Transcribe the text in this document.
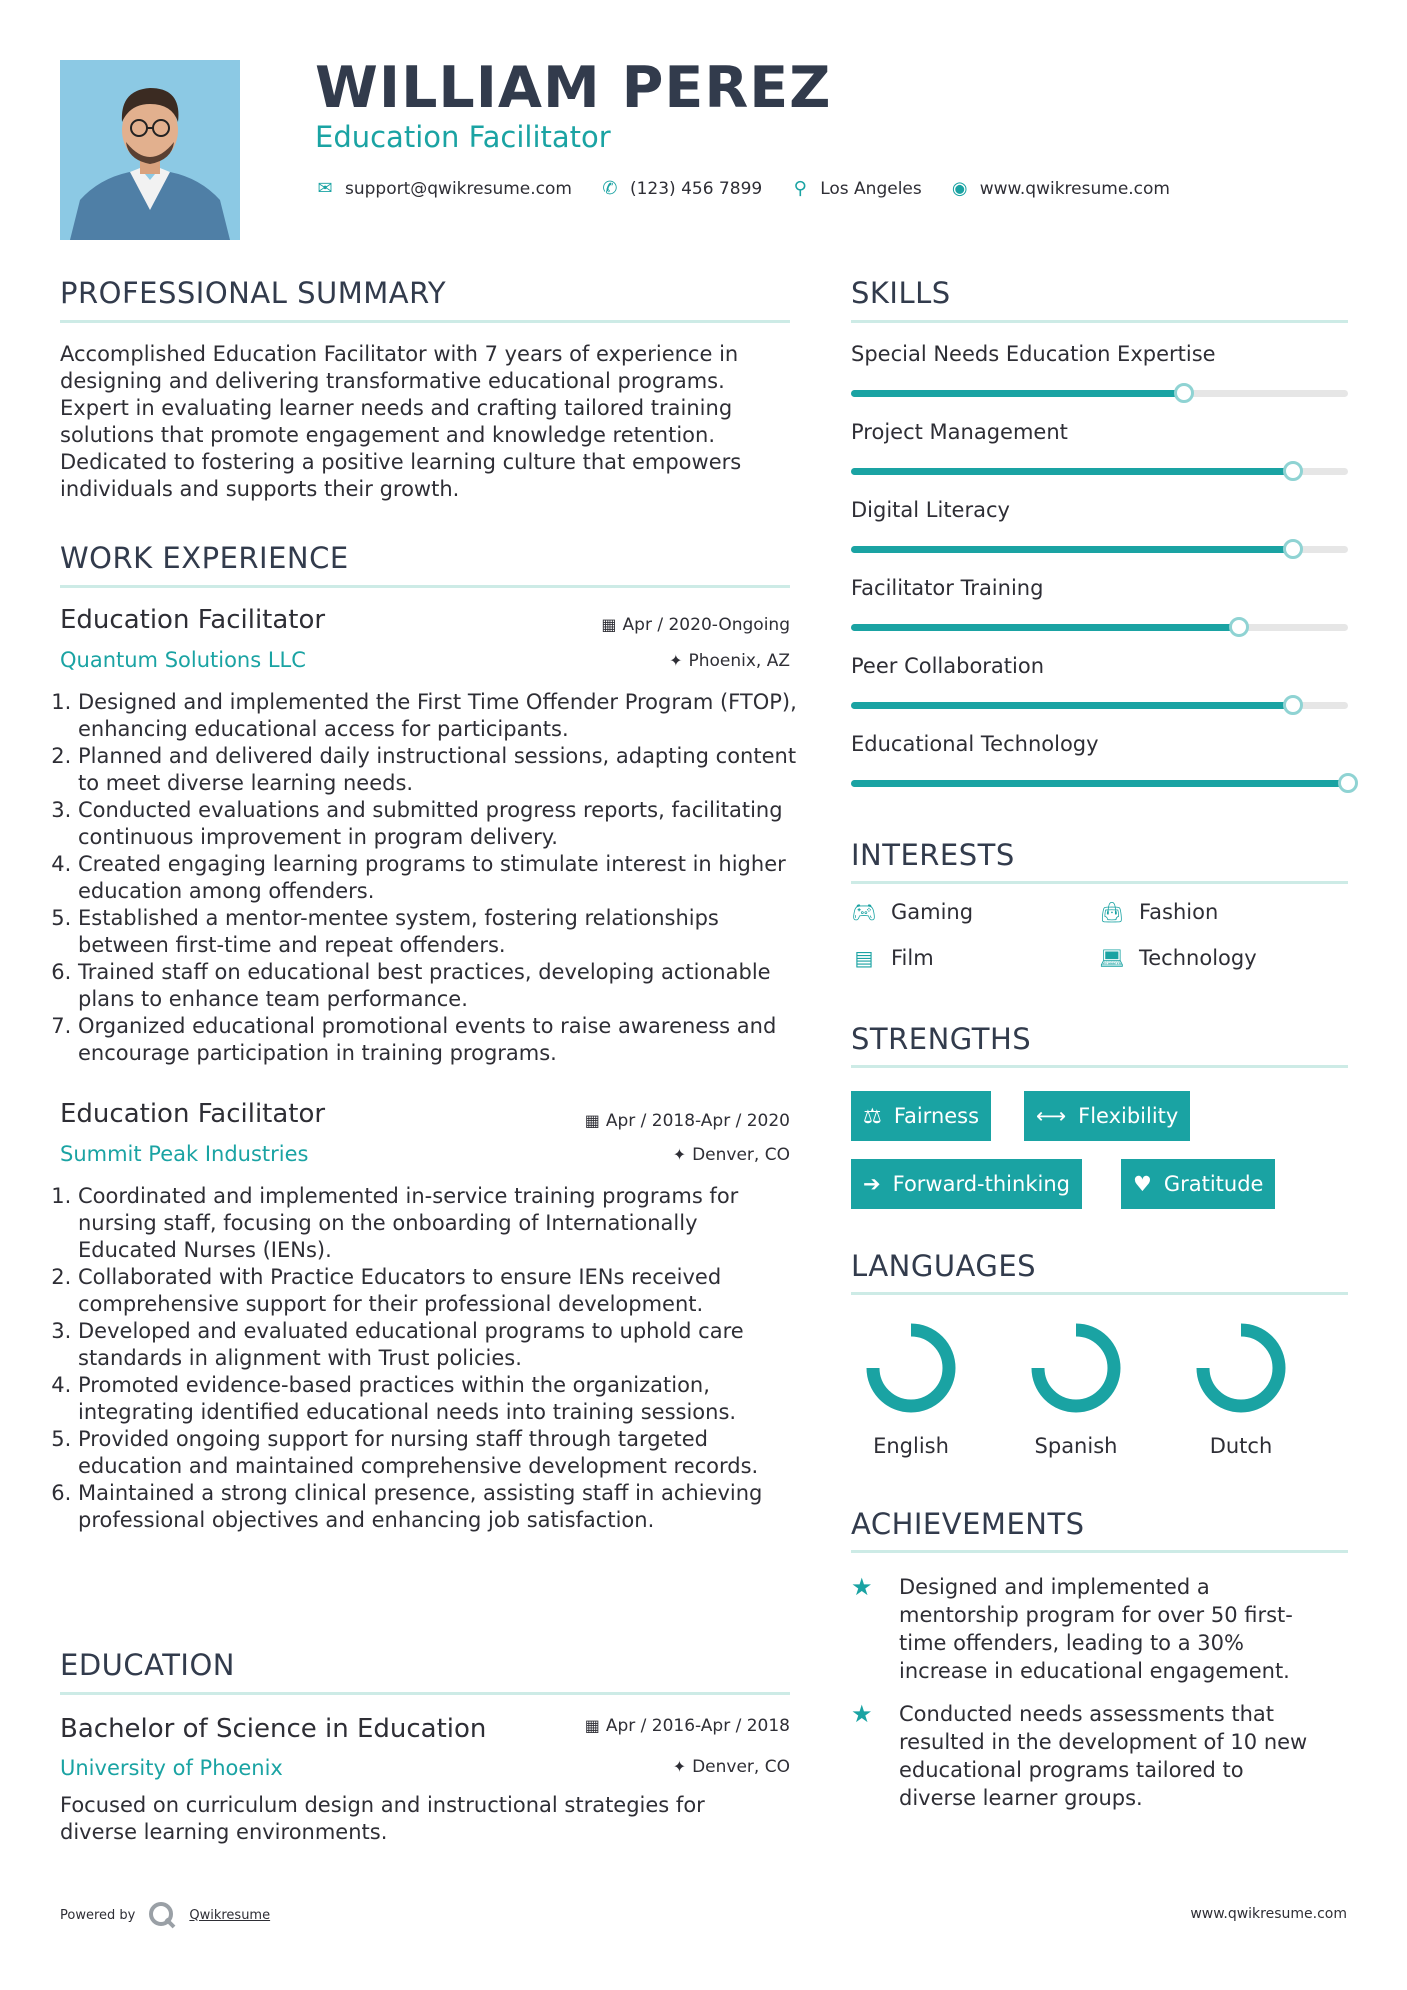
WILLIAM PEREZ
Education Facilitator
✉ support@qwikresume.com ✆ (123) 456 7899 ⚲ Los Angeles ◉ www.qwikresume.com
PROFESSIONAL SUMMARY
Accomplished Education Facilitator with 7 years of experience in
designing and delivering transformative educational programs.
Expert in evaluating learner needs and crafting tailored training
solutions that promote engagement and knowledge retention.
Dedicated to fostering a positive learning culture that empowers
individuals and supports their growth.
WORK EXPERIENCE
Education Facilitator	▦ Apr / 2020-Ongoing
Quantum Solutions LLC	✦ Phoenix, AZ
1. Designed and implemented the First Time Offender Program (FTOP), enhancing educational access for participants.
2. Planned and delivered daily instructional sessions, adapting content to meet diverse learning needs.
3. Conducted evaluations and submitted progress reports, facilitating continuous improvement in program delivery.
4. Created engaging learning programs to stimulate interest in higher education among offenders.
5. Established a mentor-mentee system, fostering relationships between first-time and repeat offenders.
6. Trained staff on educational best practices, developing actionable plans to enhance team performance.
7. Organized educational promotional events to raise awareness and encourage participation in training programs.
Education Facilitator	▦ Apr / 2018-Apr / 2020
Summit Peak Industries	✦ Denver, CO
1. Coordinated and implemented in-service training programs for nursing staff, focusing on the onboarding of Internationally Educated Nurses (IENs).
2. Collaborated with Practice Educators to ensure IENs received comprehensive support for their professional development.
3. Developed and evaluated educational programs to uphold care standards in alignment with Trust policies.
4. Promoted evidence-based practices within the organization, integrating identified educational needs into training sessions.
5. Provided ongoing support for nursing staff through targeted education and maintained comprehensive development records.
6. Maintained a strong clinical presence, assisting staff in achieving professional objectives and enhancing job satisfaction.
EDUCATION
Bachelor of Science in Education	▦ Apr / 2016-Apr / 2018
University of Phoenix	✦ Denver, CO
Focused on curriculum design and instructional strategies for
diverse learning environments.
SKILLS
Special Needs Education Expertise
Project Management
Digital Literacy
Facilitator Training
Peer Collaboration
Educational Technology
INTERESTS
🎮︎ Gaming	👜︎ Fashion
▤ Film	💻︎ Technology
STRENGTHS
⚖ Fairness	⟷ Flexibility
➔ Forward-thinking	♥ Gratitude
LANGUAGES
English	Spanish	Dutch
ACHIEVEMENTS
★	Designed and implemented a
mentorship program for over 50 first-
time offenders, leading to a 30%
increase in educational engagement.
★	Conducted needs assessments that
resulted in the development of 10 new
educational programs tailored to
diverse learner groups.
Powered by	Qwikresume	www.qwikresume.com
